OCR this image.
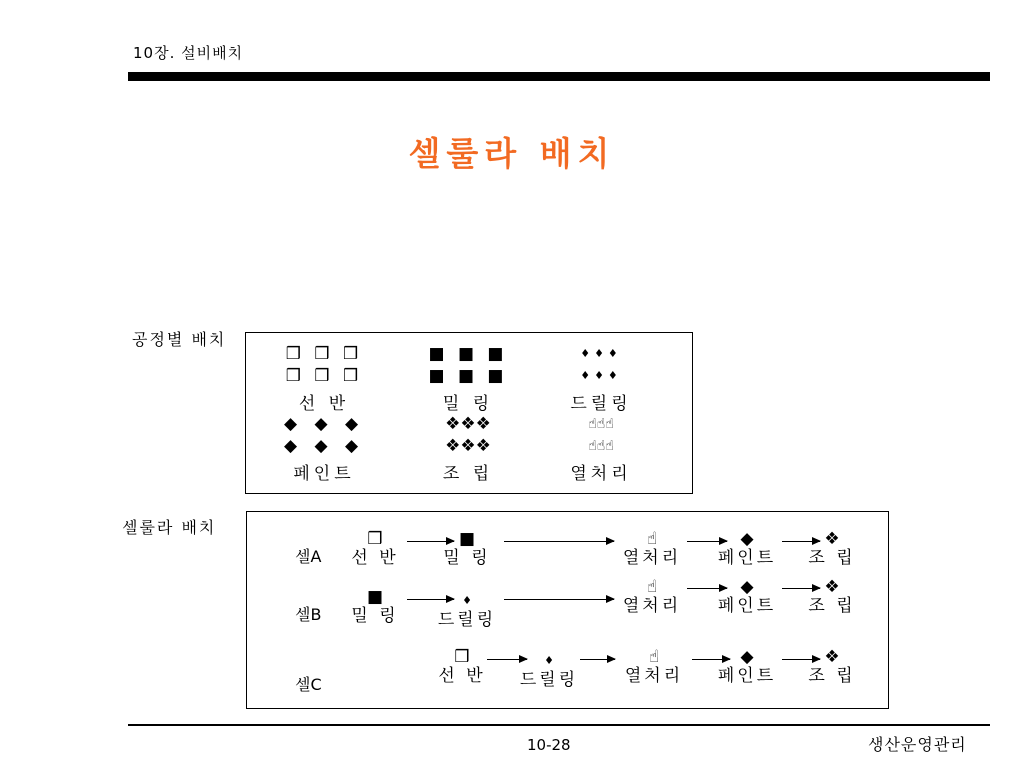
10장. 설비배치
셀룰라 배치
공정별 배치
❒ ❒ ❒
❒ ❒ ❒
선 반
■ ■ ■
■ ■ ■
밀 링
♦♦♦
♦♦♦
드릴링
◆ ◆ ◆
◆ ◆ ◆
페인트
❖❖❖
❖❖❖
조 립
☝☝☝
☝☝☝
열처리
셀룰라 배치
셀A
❒
선 반
■
밀 링
☝
열처리
◆
페인트
❖
조 립
셀B
■
밀 링
♦
드릴링
☝
열처리
◆
페인트
❖
조 립
셀C
❒
선 반
♦
드릴링
☝
열처리
◆
페인트
❖
조 립
10-28	생산운영관리
